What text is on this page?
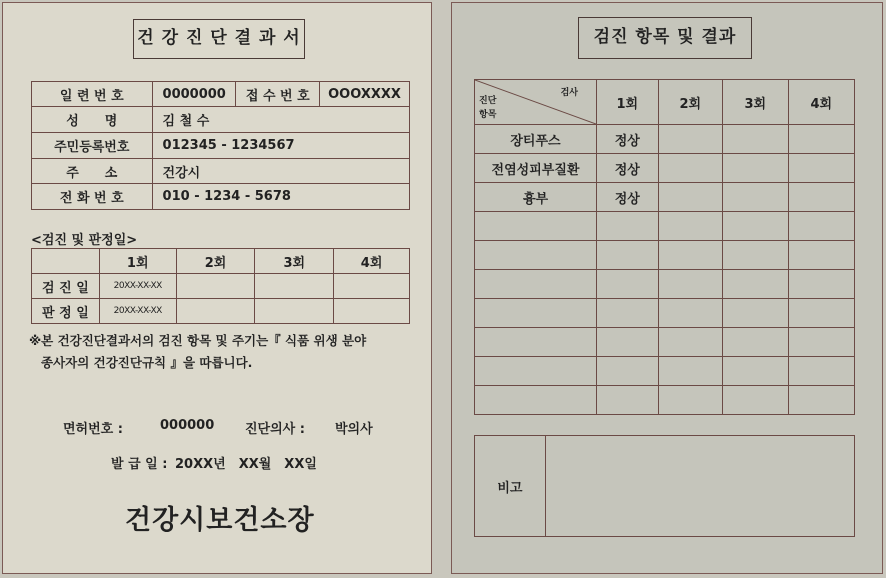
건 강 진 단 결 과 서
일 련 번 호	0000000	접 수 번 호	OOOXXXX
성　　명	김 철 수		
주민등록번호	012345 - 1234567		
주　　소	건강시		
전 화 번 호	010 - 1234 - 5678		
<검진 및 판정일>
	1회	2회	3회	4회
검 진 일	20XX-XX-XX			
판 정 일	20XX-XX-XX			
※본 건강진단결과서의 검진 항목 및 주기는『 식품 위생 분야
종사자의 건강진단규칙 』을 따릅니다.
면허번호 :	000000 진단의사 : 박의사
발 급 일 : 20XX년　XX월　XX일
건강시보건소장
검진 항목 및 결과
검사
진단
항목	1회	2회	3회	4회
장티푸스	정상			
전염성피부질환	정상			
흉부	정상			

비고	
